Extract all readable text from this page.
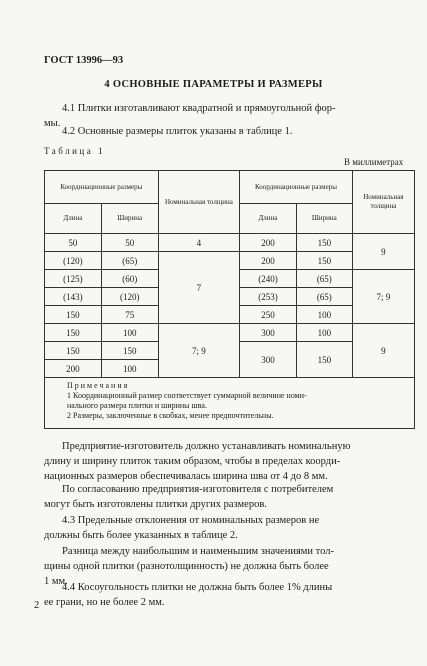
ГОСТ 13996—93
4 ОСНОВНЫЕ ПАРАМЕТРЫ И РАЗМЕРЫ
4.1 Плитки изготавливают квадратной и прямоугольной фор-
мы.
4.2 Основные размеры плиток указаны в таблице 1.
Таблица 1
В миллиметрах
Координационные размеры		Номинальная толщина	Координационные размеры		Номинальная толщина
Длина	Ширина		Длина	Ширина	
50	50	4	200	150	9
(120)	(65)	7	200	150	
(125)	(60)		(240)	(65)	7; 9
(143)	(120)		(253)	(65)	
150	75		250	100	
150	100	7; 9	300	100	9
150	150		300	150	
200	100				
Примечания
1 Координационный размер соответствует суммарной величине номи-
нального размера плитки и ширины шва.
2 Размеры, заключенные в скобках, менее предпочтительны.
Предприятие-изготовитель должно устанавливать номинальную
длину и ширину плиток таким образом, чтобы в пределах коорди-
национных размеров обеспечивалась ширина шва от 4 до 8 мм.
По согласованию предприятия-изготовителя с потребителем
могут быть изготовлены плитки других размеров.
4.3 Предельные отклонения от номинальных размеров не
должны быть более указанных в таблице 2.
Разница между наибольшим и наименьшим значениями тол-
щины одной плитки (разнотолщинность) не должна быть более
1 мм.
4.4 Косоугольность плитки не должна быть более 1% длины
ее грани, но не более 2 мм.
2
